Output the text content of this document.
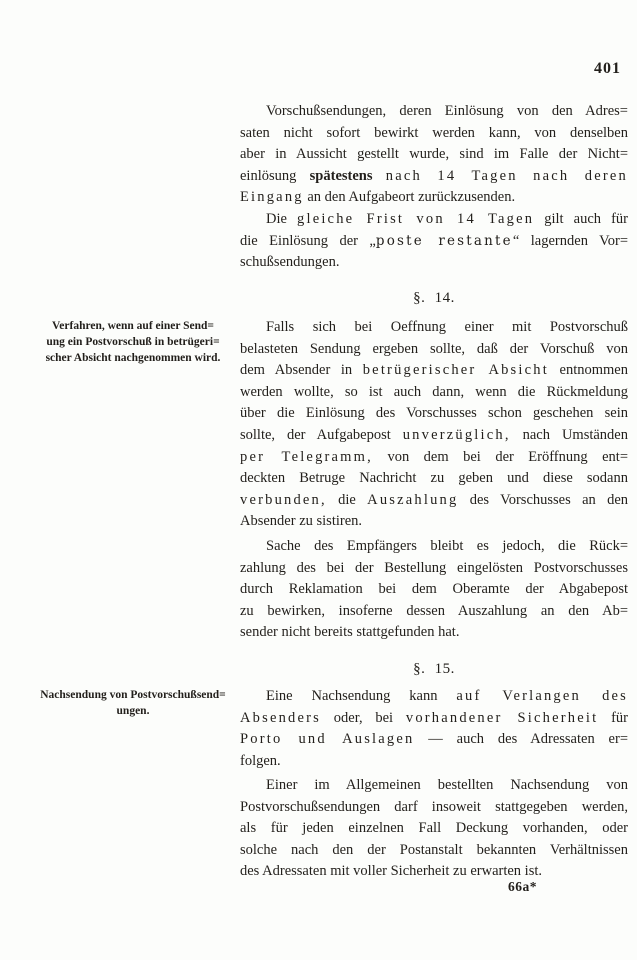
401
Verfahren, wenn auf einer Send=
ung ein Postvorschuß in betrügeri=
scher Absicht nachgenommen wird.
Nachsendung von Postvorschußsend=
ungen.
Vorschußsendungen, deren Einlösung von den Adres=
saten nicht sofort bewirkt werden kann, von denselben
aber in Aussicht gestellt wurde, sind im Falle der Nicht=
einlösung spätestens nach 14 Tagen nach deren
Eingang an den Aufgabeort zurückzusenden.
Die gleiche Frist von 14 Tagen gilt auch für
die Einlösung der „poste restante“ lagernden Vor=
schußsendungen.
§. 14.
Falls sich bei Oeffnung einer mit Postvorschuß
belasteten Sendung ergeben sollte, daß der Vorschuß von
dem Absender in betrügerischer Absicht entnommen
werden wollte, so ist auch dann, wenn die Rückmeldung
über die Einlösung des Vorschusses schon geschehen sein
sollte, der Aufgabepost unverzüglich, nach Umständen
per Telegramm, von dem bei der Eröffnung ent=
deckten Betruge Nachricht zu geben und diese sodann
verbunden, die Auszahlung des Vorschusses an den
Absender zu sistiren.
Sache des Empfängers bleibt es jedoch, die Rück=
zahlung des bei der Bestellung eingelösten Postvorschusses
durch Reklamation bei dem Oberamte der Abgabepost
zu bewirken, insoferne dessen Auszahlung an den Ab=
sender nicht bereits stattgefunden hat.
§. 15.
Eine Nachsendung kann auf Verlangen des
Absenders oder, bei vorhandener Sicherheit für
Porto und Auslagen — auch des Adressaten er=
folgen.
Einer im Allgemeinen bestellten Nachsendung von
Postvorschußsendungen darf insoweit stattgegeben werden,
als für jeden einzelnen Fall Deckung vorhanden, oder
solche nach den der Postanstalt bekannten Verhältnissen
des Adressaten mit voller Sicherheit zu erwarten ist.
66a*
